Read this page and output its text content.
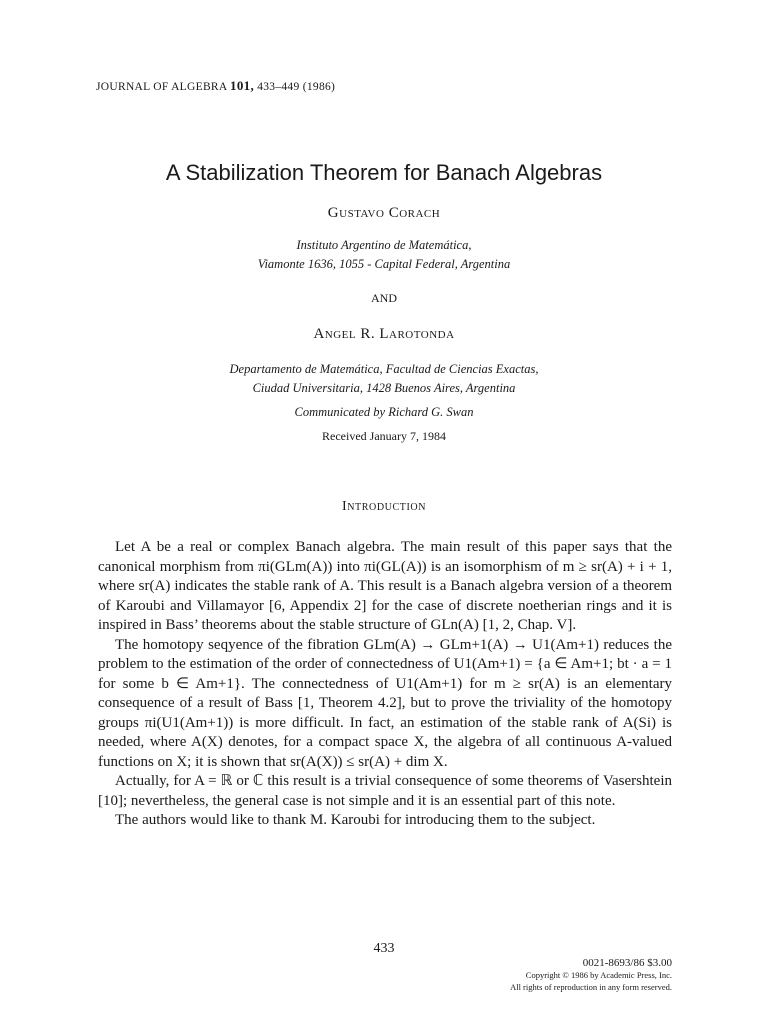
JOURNAL OF ALGEBRA 101, 433–449 (1986)
A Stabilization Theorem for Banach Algebras
Gustavo Corach
Instituto Argentino de Matemática,
Viamonte 1636, 1055 - Capital Federal, Argentina
AND
Angel R. Larotonda
Departamento de Matemática, Facultad de Ciencias Exactas,
Ciudad Universitaria, 1428 Buenos Aires, Argentina
Communicated by Richard G. Swan
Received January 7, 1984
Introduction

Let A be a real or complex Banach algebra. The main result of this paper says that the canonical morphism from πi(GLm(A)) into πi(GL(A)) is an isomorphism of m ≥ sr(A) + i + 1, where sr(A) indicates the stable rank of A. This result is a Banach algebra version of a theorem of Karoubi and Villamayor [6, Appendix 2] for the case of discrete noetherian rings and it is inspired in Bass’ theorems about the stable structure of GLn(A) [1, 2, Chap. V].

The homotopy seqyence of the fibration GLm(A) → GLm+1(A) → U1(Am+1) reduces the problem to the estimation of the order of connectedness of U1(Am+1) = {a ∈ Am+1; bt · a = 1 for some b ∈ Am+1}. The connectedness of U1(Am+1) for m ≥ sr(A) is an elementary consequence of a result of Bass [1, Theorem 4.2], but to prove the triviality of the homotopy groups πi(U1(Am+1)) is more difficult. In fact, an estimation of the stable rank of A(Si) is needed, where A(X) denotes, for a compact space X, the algebra of all continuous A-valued functions on X; it is shown that sr(A(X)) ≤ sr(A) + dim X.

Actually, for A = ℝ or ℂ this result is a trivial consequence of some theorems of Vasershtein [10]; nevertheless, the general case is not simple and it is an essential part of this note.

The authors would like to thank M. Karoubi for introducing them to the subject.

433
0021-8693/86 $3.00
Copyright © 1986 by Academic Press, Inc.
All rights of reproduction in any form reserved.
